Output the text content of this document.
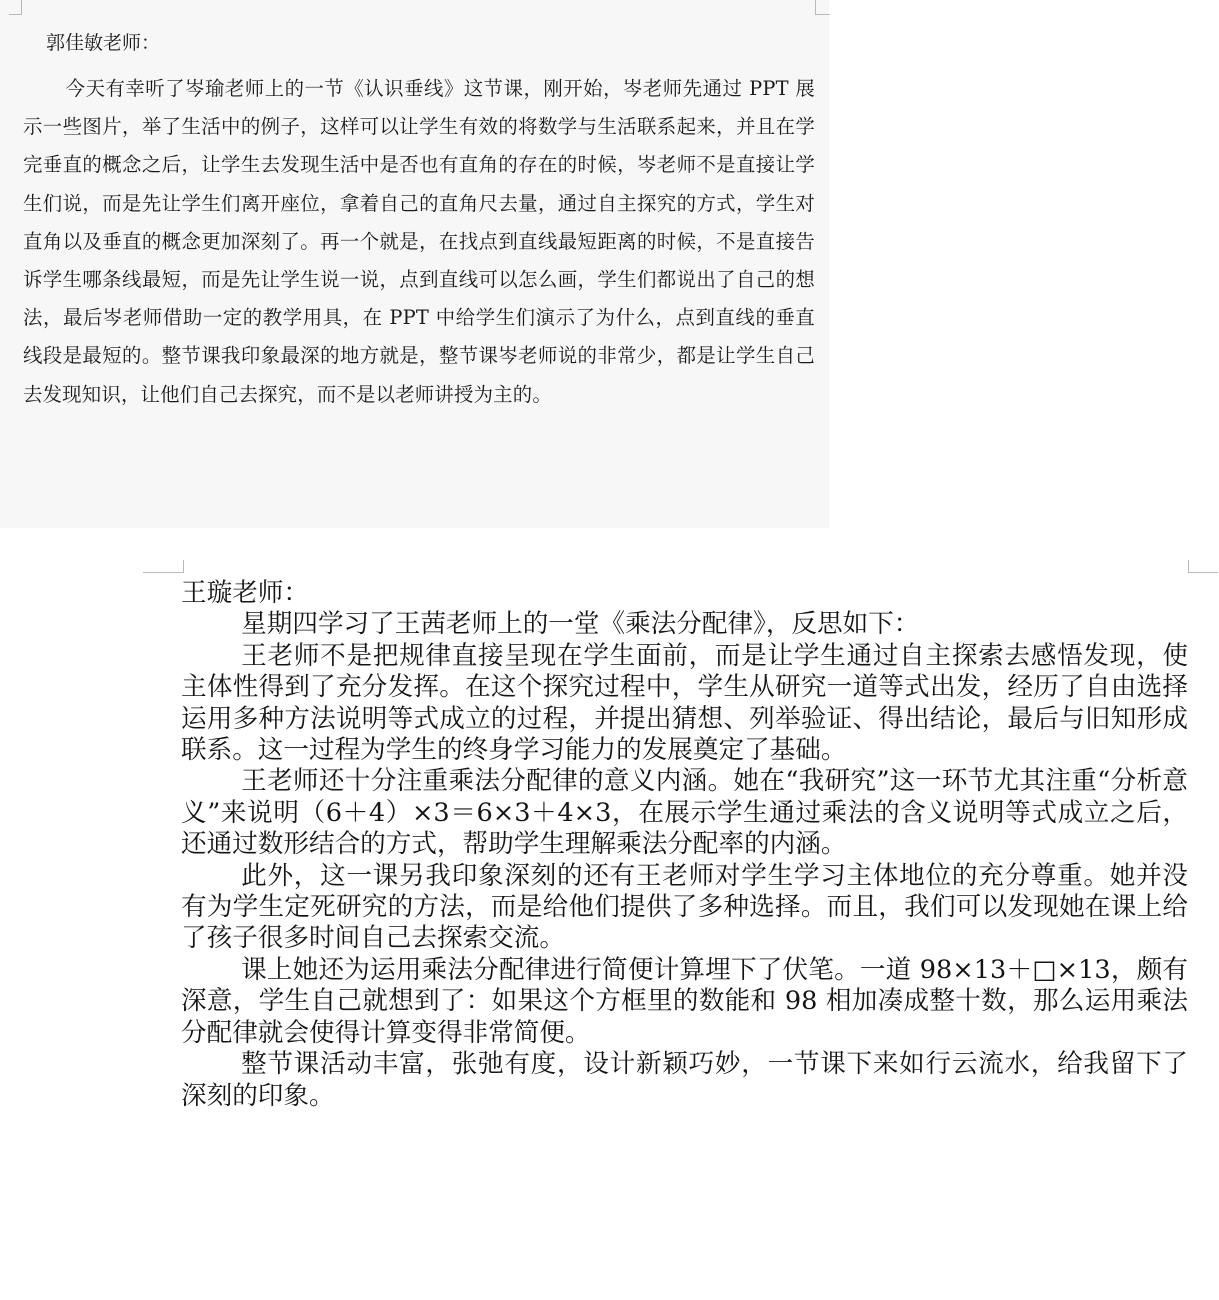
郭佳敏老师：

今天有幸听了岑瑜老师上的一节《认识垂线》这节课，刚开始，岑老师先通过 PPT 展示一些图片，举了生活中的例子，这样可以让学生有效的将数学与生活联系起来，并且在学完垂直的概念之后，让学生去发现生活中是否也有直角的存在的时候，岑老师不是直接让学生们说，而是先让学生们离开座位，拿着自己的直角尺去量，通过自主探究的方式，学生对直角以及垂直的概念更加深刻了。再一个就是，在找点到直线最短距离的时候，不是直接告诉学生哪条线最短，而是先让学生说一说，点到直线可以怎么画，学生们都说出了自己的想法，最后岑老师借助一定的教学用具，在 PPT 中给学生们演示了为什么，点到直线的垂直线段是最短的。整节课我印象最深的地方就是，整节课岑老师说的非常少，都是让学生自己去发现知识，让他们自己去探究，而不是以老师讲授为主的。

王璇老师：

星期四学习了王茜老师上的一堂《乘法分配律》，反思如下：

王老师不是把规律直接呈现在学生面前，而是让学生通过自主探索去感悟发现，使主体性得到了充分发挥。在这个探究过程中，学生从研究一道等式出发，经历了自由选择运用多种方法说明等式成立的过程，并提出猜想、列举验证、得出结论，最后与旧知形成联系。这一过程为学生的终身学习能力的发展奠定了基础。

王老师还十分注重乘法分配律的意义内涵。她在“我研究”这一环节尤其注重“分析意义”来说明（6＋4）×3＝6×3＋4×3，在展示学生通过乘法的含义说明等式成立之后，还通过数形结合的方式，帮助学生理解乘法分配率的内涵。

此外，这一课另我印象深刻的还有王老师对学生学习主体地位的充分尊重。她并没有为学生定死研究的方法，而是给他们提供了多种选择。而且，我们可以发现她在课上给了孩子很多时间自己去探索交流。

课上她还为运用乘法分配律进行简便计算埋下了伏笔。一道 98×13＋□×13，颇有深意，学生自己就想到了：如果这个方框里的数能和 98 相加凑成整十数，那么运用乘法分配律就会使得计算变得非常简便。

整节课活动丰富，张弛有度，设计新颖巧妙，一节课下来如行云流水，给我留下了深刻的印象。
